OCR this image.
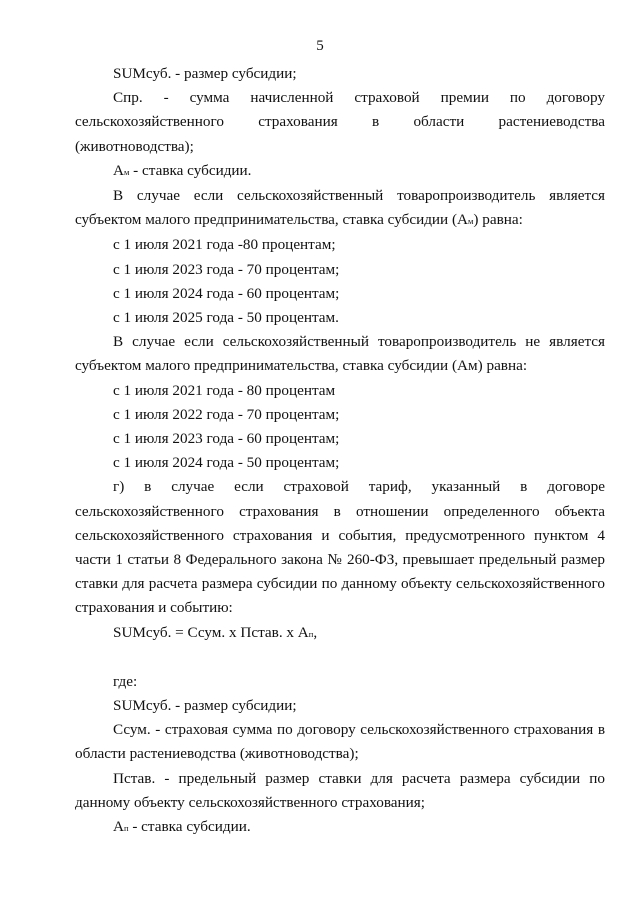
5

SUMсуб. - размер субсидии;

Спр. - сумма начисленной страховой премии по договору сельскохозяйственного страхования в области растениеводства (животноводства);

Ам - ставка субсидии.

В случае если сельскохозяйственный товаропроизводитель является субъектом малого предпринимательства, ставка субсидии (Ам) равна:

с 1 июля 2021 года -80 процентам;

с 1 июля 2023 года - 70 процентам;

с 1 июля 2024 года - 60 процентам;

с 1 июля 2025 года - 50 процентам.

В случае если сельскохозяйственный товаропроизводитель не является субъектом малого предпринимательства, ставка субсидии (Ам) равна:

с 1 июля 2021 года - 80 процентам

с 1 июля 2022 года - 70 процентам;

с 1 июля 2023 года - 60 процентам;

с 1 июля 2024 года - 50 процентам;

г) в случае если страховой тариф, указанный в договоре сельскохозяйственного страхования в отношении определенного объекта сельскохозяйственного страхования и события, предусмотренного пунктом 4 части 1 статьи 8 Федерального закона № 260-ФЗ, превышает предельный размер ставки для расчета размера субсидии по данному объекту сельскохозяйственного страхования и событию:

SUMсуб. = Ссум. х Пстав. х Ап,

где:

SUMсуб. - размер субсидии;

Ссум. - страховая сумма по договору сельскохозяйственного страхования в области растениеводства (животноводства);

Пстав. - предельный размер ставки для расчета размера субсидии по данному объекту сельскохозяйственного страхования;

Ап - ставка субсидии.
